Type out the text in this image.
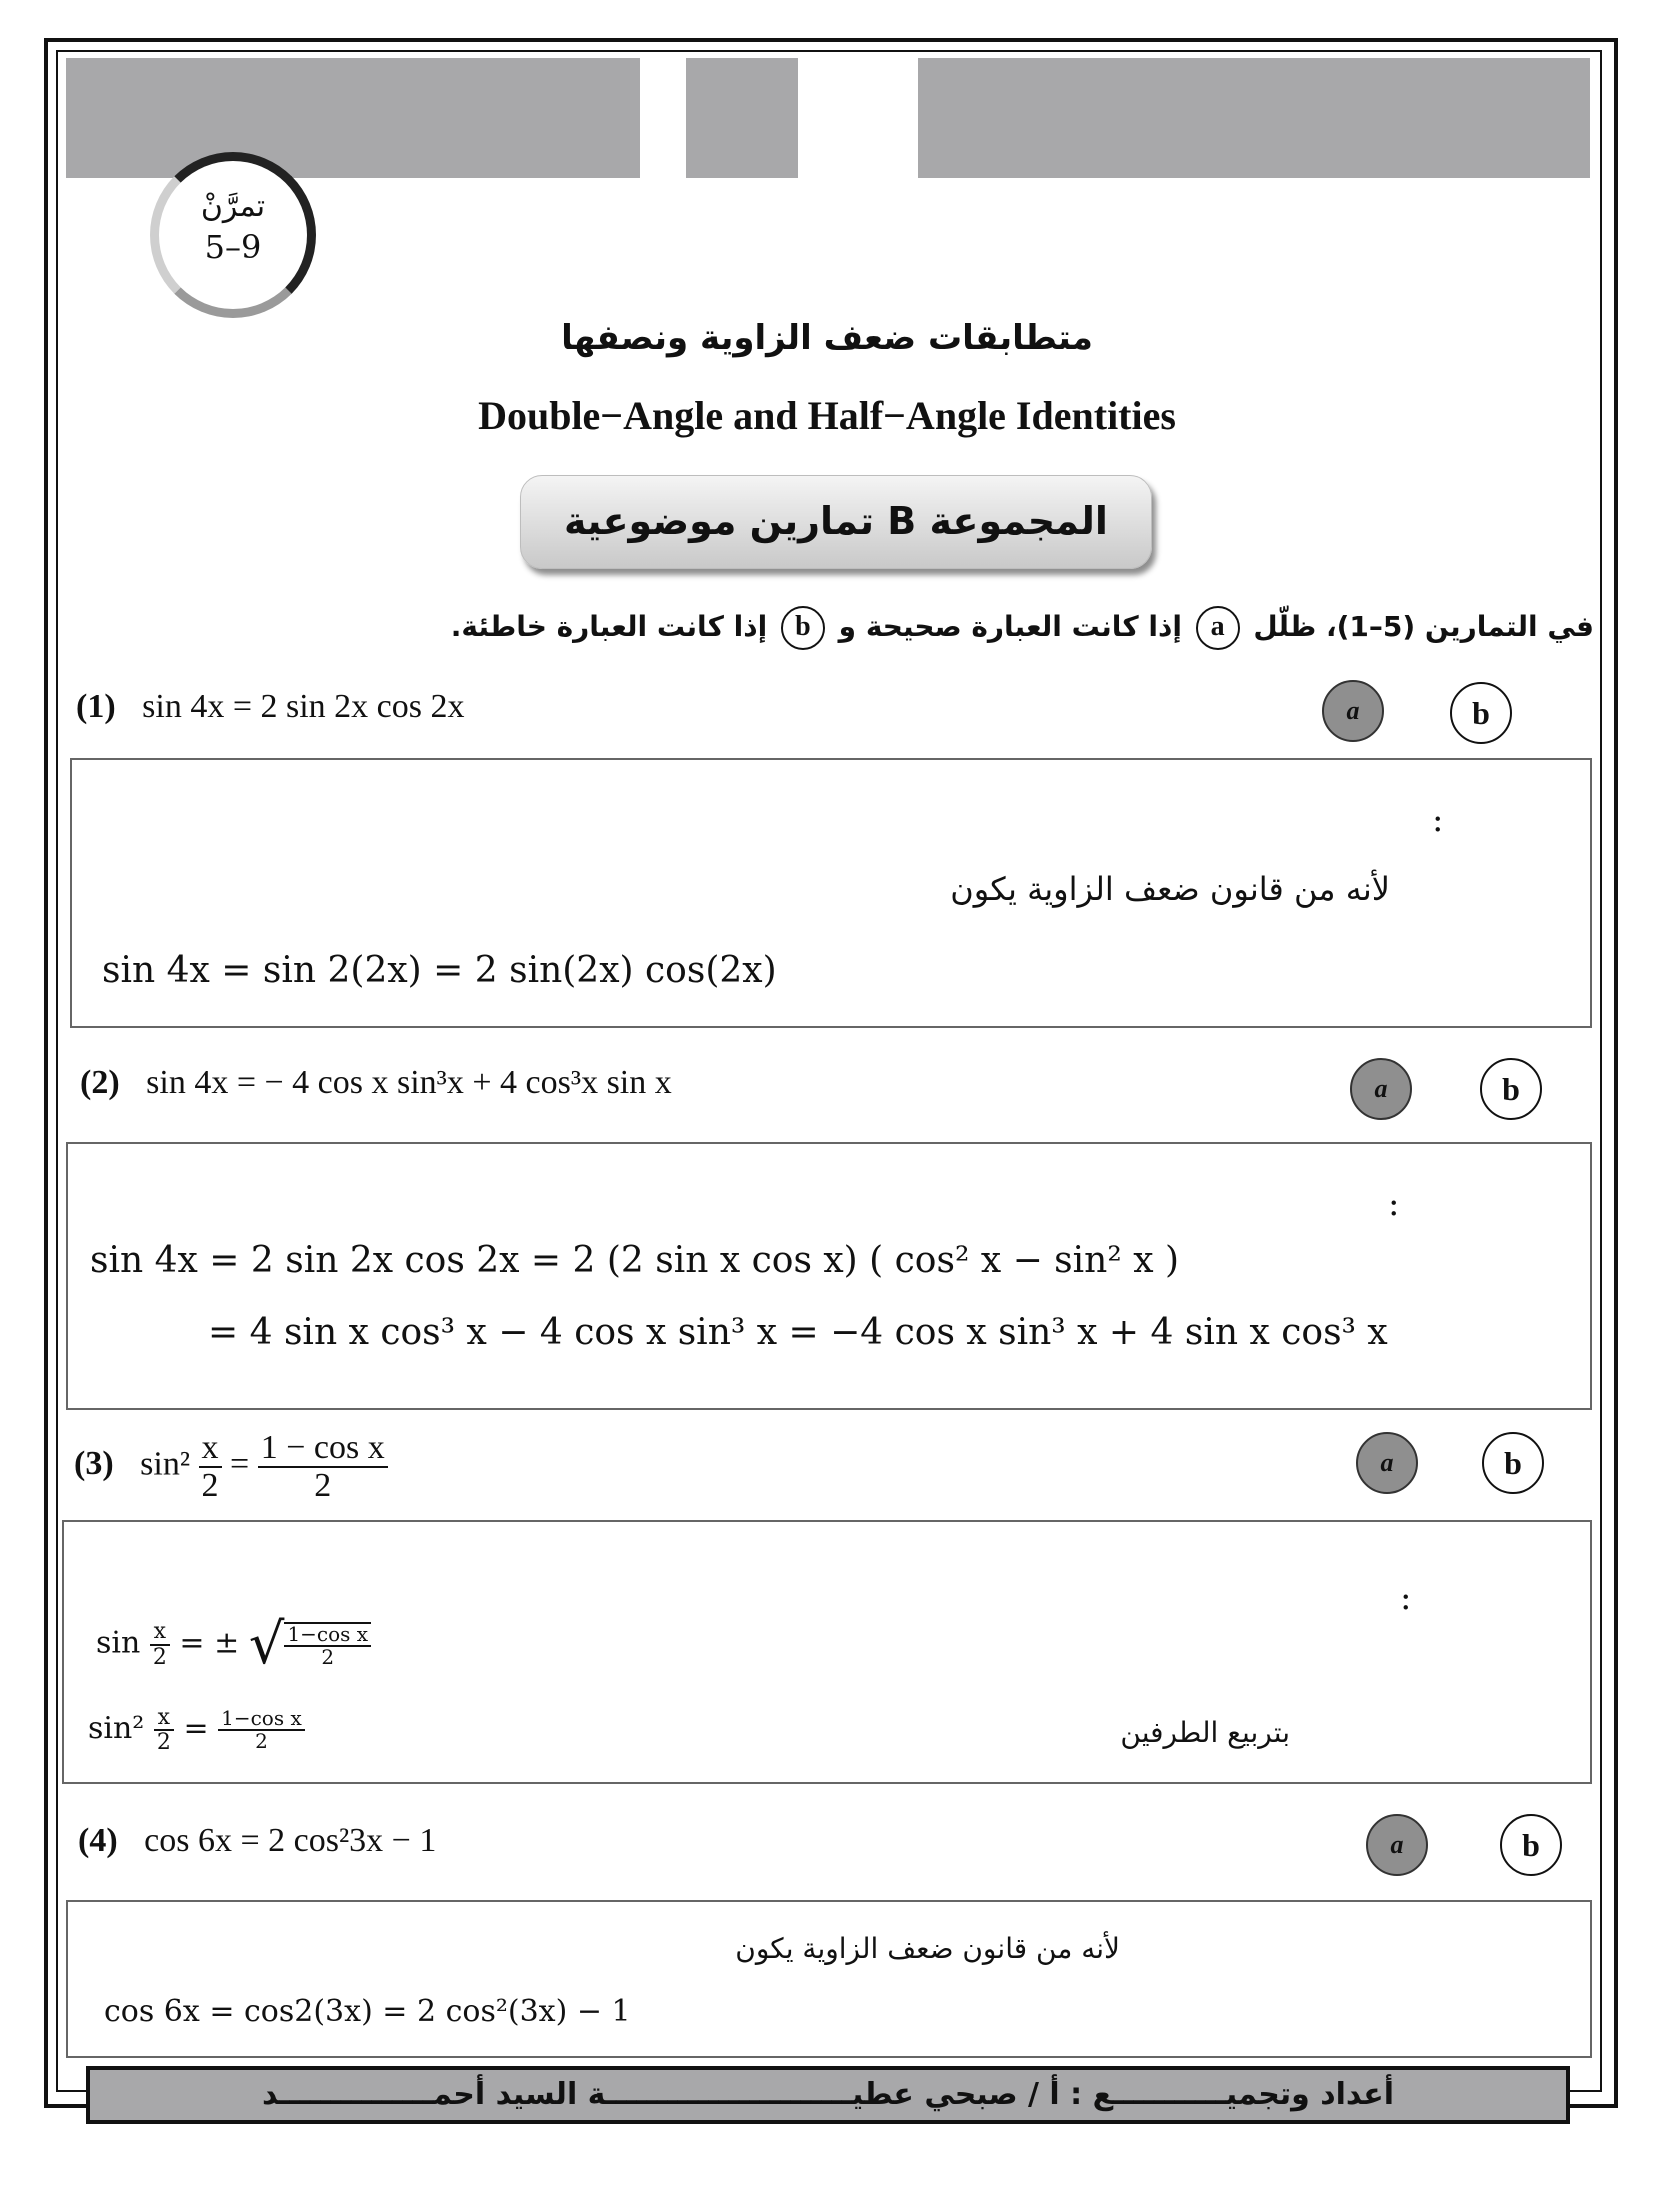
تمرَّنْ
5–9
متطابقات ضعف الزاوية ونصفها
Double−Angle and Half−Angle Identities
المجموعة B تمارين موضوعية
في التمارين (5–1)، ظلّل a إذا كانت العبارة صحيحة و b إذا كانت العبارة خاطئة.
(1) sin 4x = 2 sin 2x cos 2x	a	b
:
لأنه من قانون ضعف الزاوية يكون
sin 4x = sin 2(2x) = 2 sin(2x) cos(2x)
(2) sin 4x = − 4 cos x sin³x + 4 cos³x sin x	a	b
:
sin 4x = 2 sin 2x cos 2x = 2 (2 sin x cos x) ( cos² x − sin² x )
= 4 sin x cos³ x − 4 cos x sin³ x = −4 cos x sin³ x + 4 sin x cos³ x
(3) $\sin^2 \frac{x}{2} = \frac{\text{1 − cos x}}{2}$	a	b
:
$\sin \frac{x}{2}$ = ± √ $\frac{\text{1−cos x}}{2}$
$\sin^2 \frac{x}{2} = \frac{\text{1−cos x}}{2}$	بتربيع الطرفين
(4) cos 6x = 2 cos²3x − 1	a	b
لأنه من قانون ضعف الزاوية يكون
cos 6x = cos2(3x) = 2 cos²(3x) − 1
أعداد وتجميـــــــــــع : أ / صبحي عطيــــــــــــــــــــــــة السيد أحمـــــــــــــــد
